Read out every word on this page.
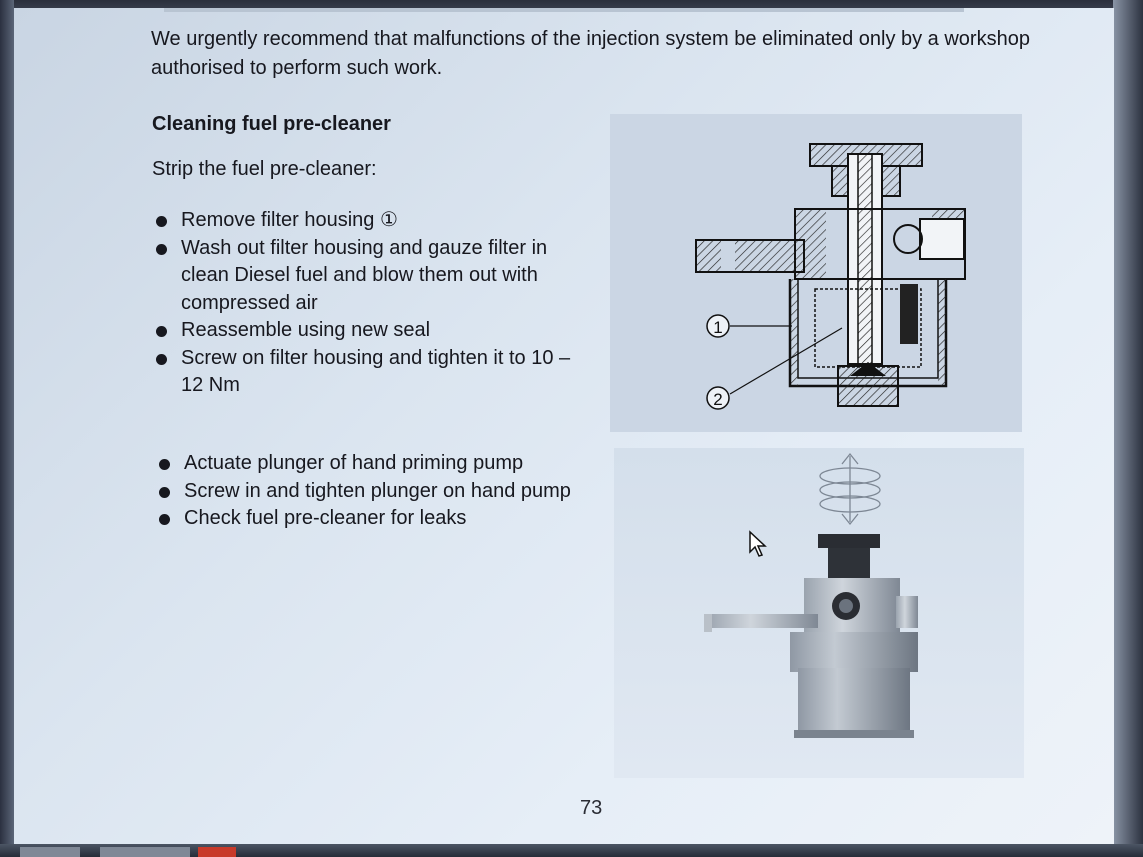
We urgently recommend that malfunctions of the injection system be eliminated only by a workshop authorised to perform such work.
Cleaning fuel pre-cleaner
Strip the fuel pre-cleaner:
Remove filter housing ①
Wash out filter housing and gauze filter in clean Diesel fuel and blow them out with compressed air
Reassemble using new seal
Screw on filter housing and tighten it to 10 – 12 Nm
Actuate plunger of hand priming pump
Screw in and tighten plunger on hand pump
Check fuel pre-cleaner for leaks
1
2
73
